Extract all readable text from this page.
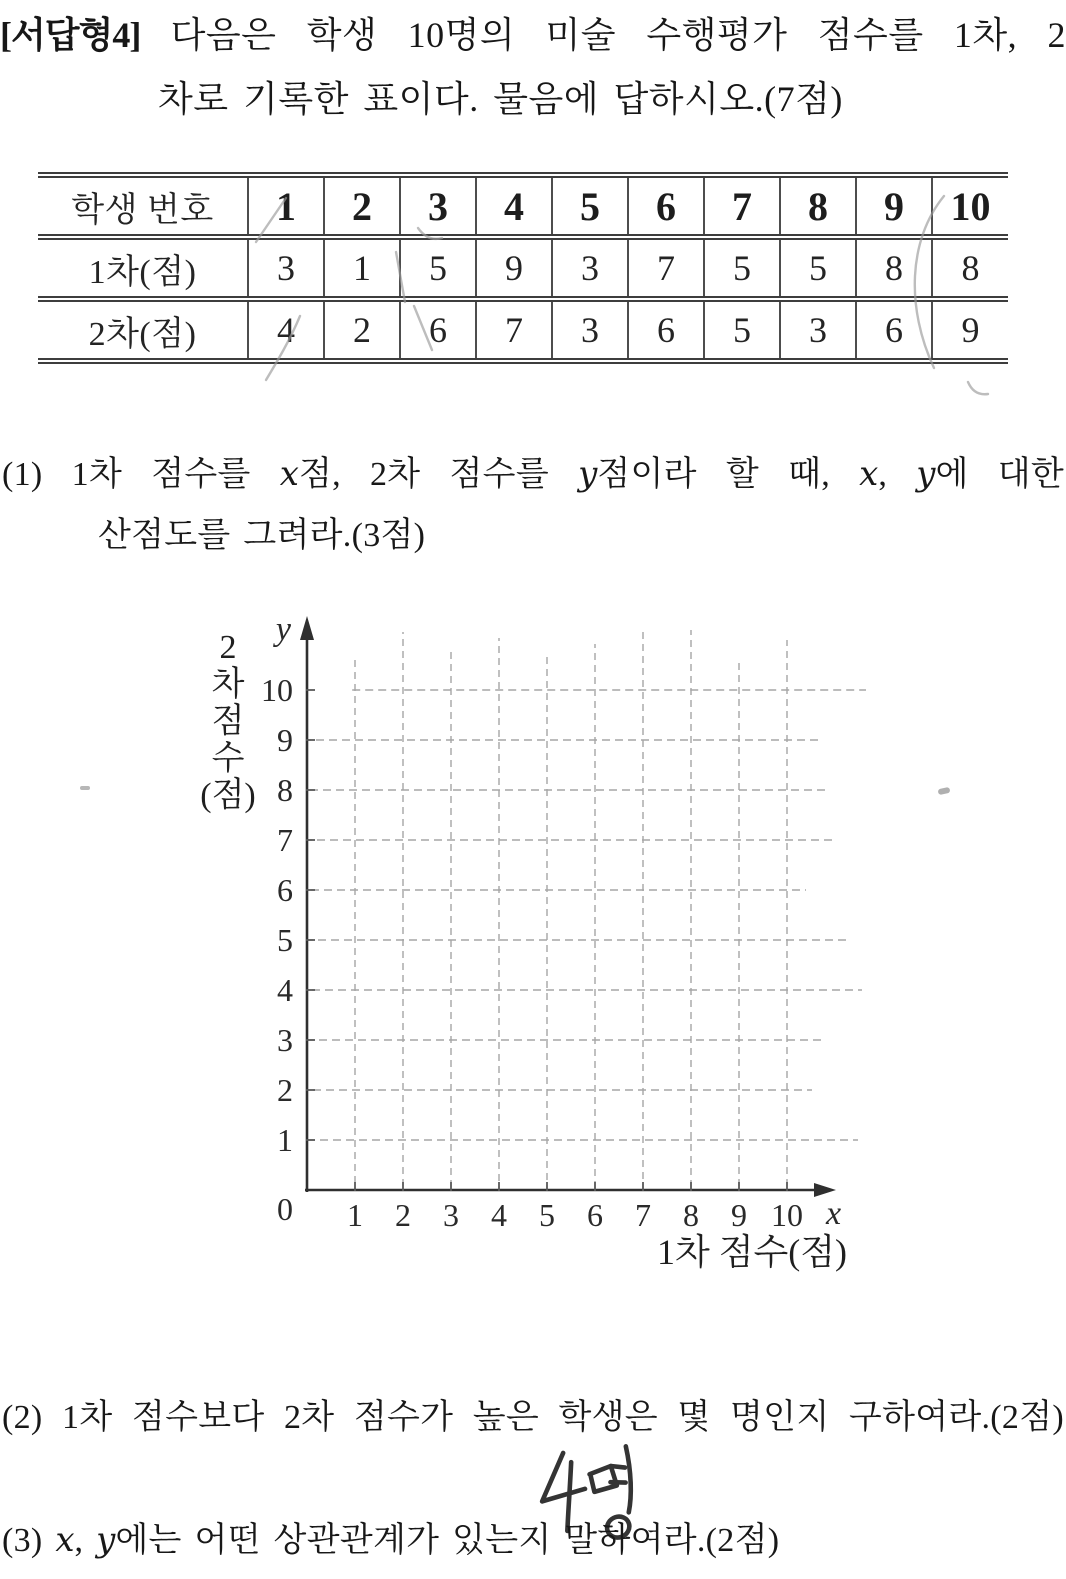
[서답형4] 다음은 학생 10명의 미술 수행평가 점수를 1차, 2
차로 기록한 표이다. 물음에 답하시오.(7점)
학생 번호	1	2	3	4	5	6	7	8	9	10
1차(점)	3	1	5	9	3	7	5	5	8	8
2차(점)	4	2	6	7	3	6	5	3	6	9
(1) 1차 점수를 x점, 2차 점수를 y점이라 할 때, x, y에 대한
산점도를 그려라.(3점)
1 2 3 4 5 6 7 8 9 10
1
2
3
4
5
6
7
8
9
10
0
y
x
1차 점수(점)
2
차
점
수
(점)
(2) 1차 점수보다 2차 점수가 높은 학생은 몇 명인지 구하여라.(2점)
4명
(3) x, y에는 어떤 상관관계가 있는지 말하여라.(2점)
